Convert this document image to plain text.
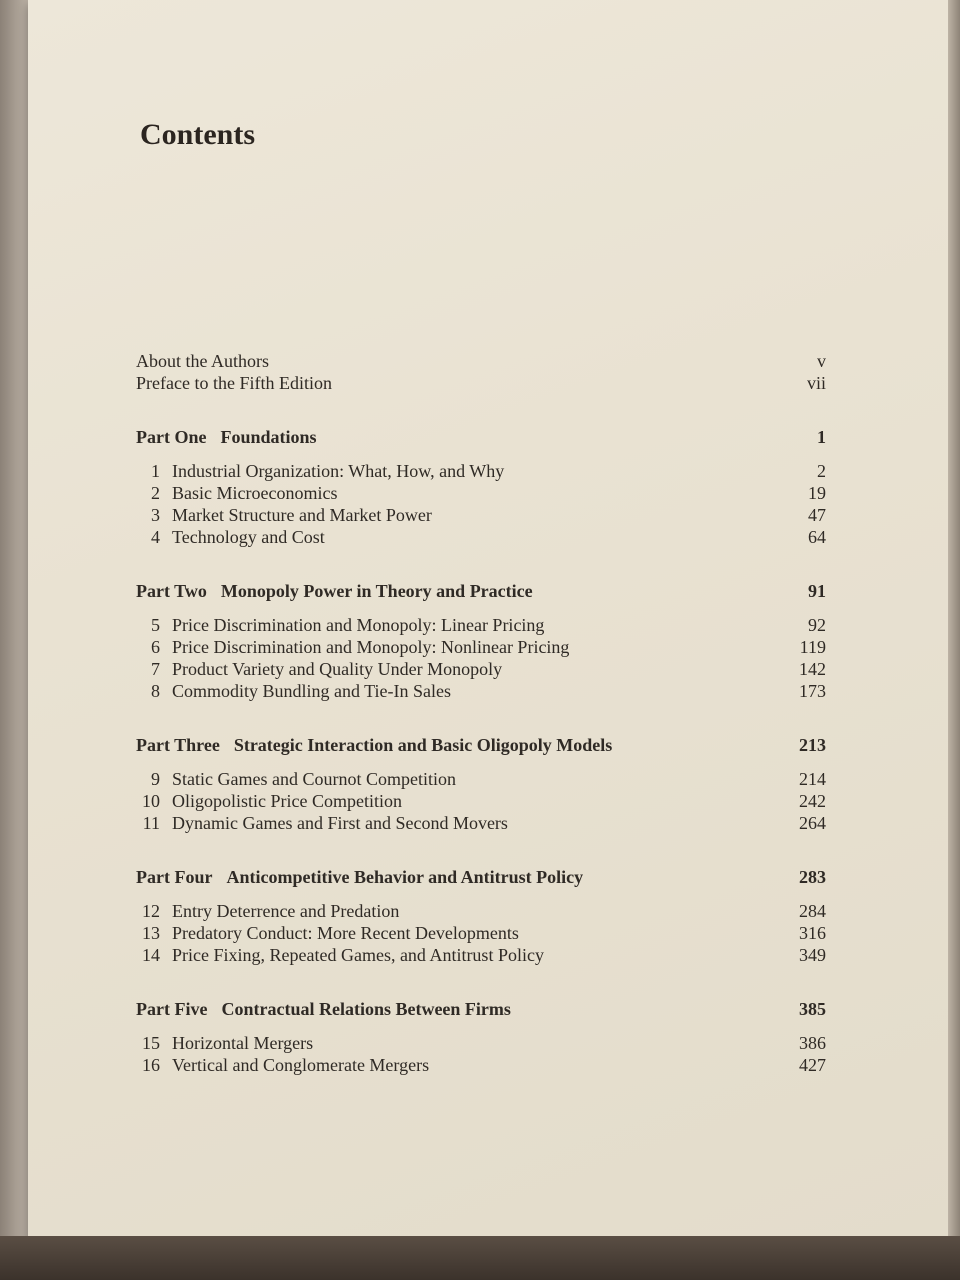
Contents
About the Authors	v
Preface to the Fifth Edition	vii
Part One Foundations	1
1 Industrial Organization: What, How, and Why	2
2 Basic Microeconomics	19
3 Market Structure and Market Power	47
4 Technology and Cost	64
Part Two Monopoly Power in Theory and Practice	91
5 Price Discrimination and Monopoly: Linear Pricing	92
6 Price Discrimination and Monopoly: Nonlinear Pricing	119
7 Product Variety and Quality Under Monopoly	142
8 Commodity Bundling and Tie-In Sales	173
Part Three Strategic Interaction and Basic Oligopoly Models	213
9 Static Games and Cournot Competition	214
10 Oligopolistic Price Competition	242
11 Dynamic Games and First and Second Movers	264
Part Four Anticompetitive Behavior and Antitrust Policy	283
12 Entry Deterrence and Predation	284
13 Predatory Conduct: More Recent Developments	316
14 Price Fixing, Repeated Games, and Antitrust Policy	349
Part Five Contractual Relations Between Firms	385
15 Horizontal Mergers	386
16 Vertical and Conglomerate Mergers	427
